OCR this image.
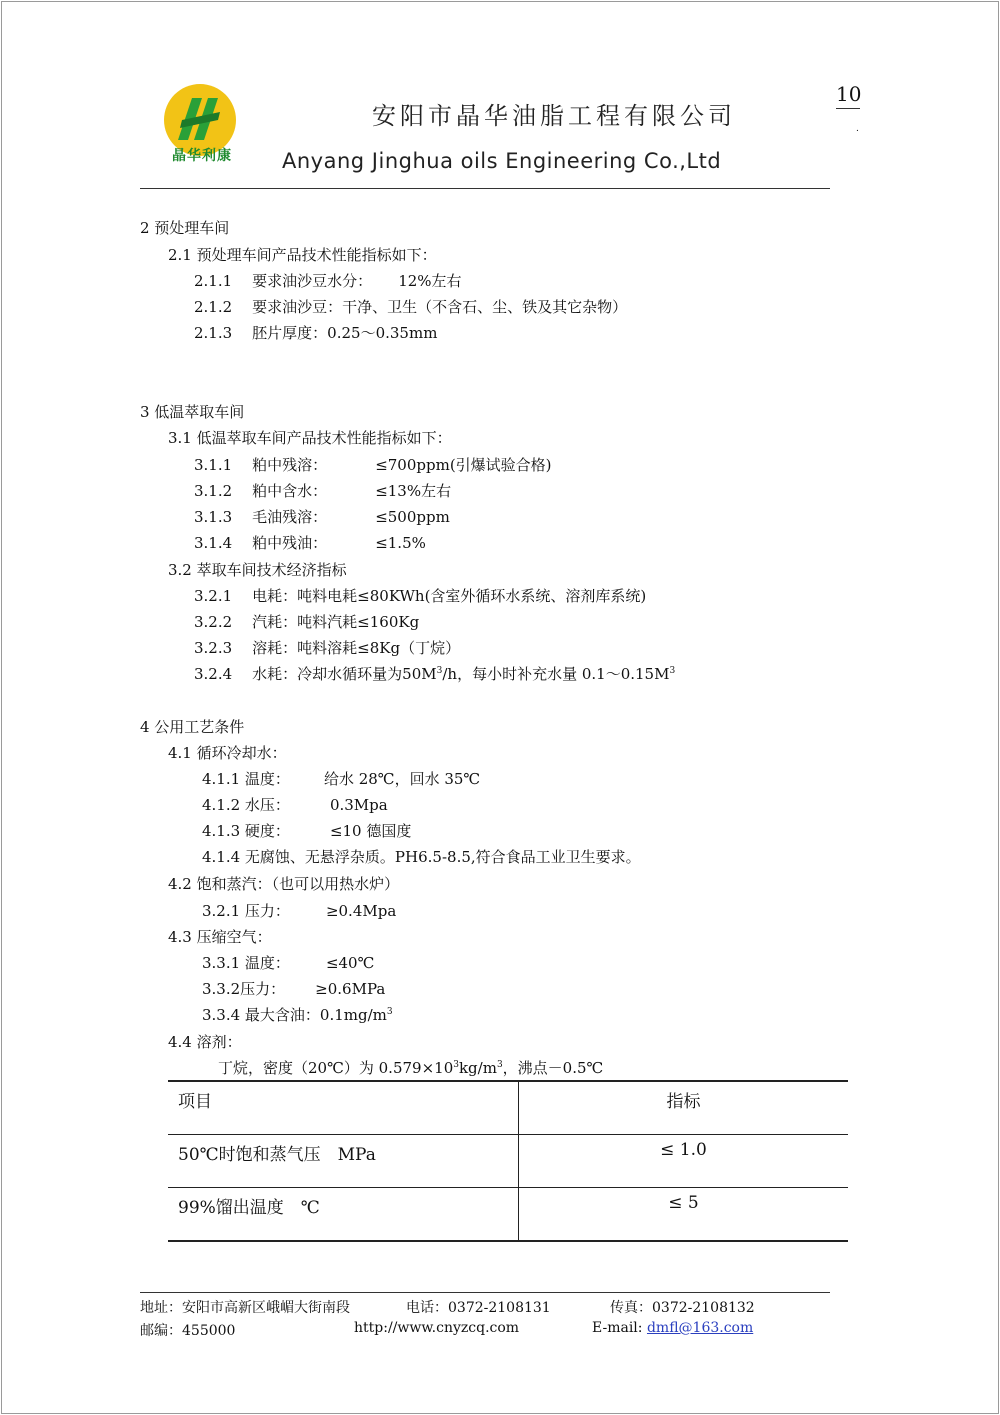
晶华利康
安阳市晶华油脂工程有限公司
Anyang Jinghua oils Engineering Co.,Ltd
10
.
2 预处理车间
2.1 预处理车间产品技术性能指标如下：
2.1.1 要求油沙豆水分： 12%左右
2.1.2 要求油沙豆：干净、卫生（不含石、尘、铁及其它杂物）
2.1.3 胚片厚度：0.25～0.35mm
3 低温萃取车间
3.1 低温萃取车间产品技术性能指标如下：
3.1.1 粕中残溶：	≤700ppm(引爆试验合格)
3.1.2 粕中含水：	≤13%左右
3.1.3 毛油残溶：	≤500ppm
3.1.4 粕中残油：	≤1.5%
3.2 萃取车间技术经济指标
3.2.1 电耗：吨料电耗≤80KWh(含室外循环水系统、溶剂库系统)
3.2.2 汽耗：吨料汽耗≤160Kg
3.2.3 溶耗：吨料溶耗≤8Kg（丁烷）
3.2.4 水耗：冷却水循环量为$50M^3/h$，每小时补充水量 $0.1\sim 0.15M^3$
4 公用工艺条件
4.1 循环冷却水：
4.1.1 温度： 给水 28℃，回水 35℃
4.1.2 水压：	0.3Mpa
4.1.3 硬度：	≤10 德国度
4.1.4 无腐蚀、无悬浮杂质。PH6.5-8.5,符合食品工业卫生要求。
4.2 饱和蒸汽：（也可以用热水炉）
3.2.1 压力： ≥0.4Mpa
4.3 压缩空气：
3.3.1 温度： ≤40℃
3.3.2压力： ≥0.6MPa
3.3.4 最大含油：$0.1mg/m^3$
4.4 溶剂：
丁烷，密度（20℃）为 $0.579\times 10^3kg/m^3$，沸点－0.5℃
项目	指标
50℃时饱和蒸气压　MPa	≤ 1.0
99%馏出温度　℃	≤ 5
地址：安阳市高新区峨嵋大街南段	电话：0372-2108131	传真：0372-2108132
邮编：455000	http://www.cnyzcq.com	E-mail: dmfl@163.com
